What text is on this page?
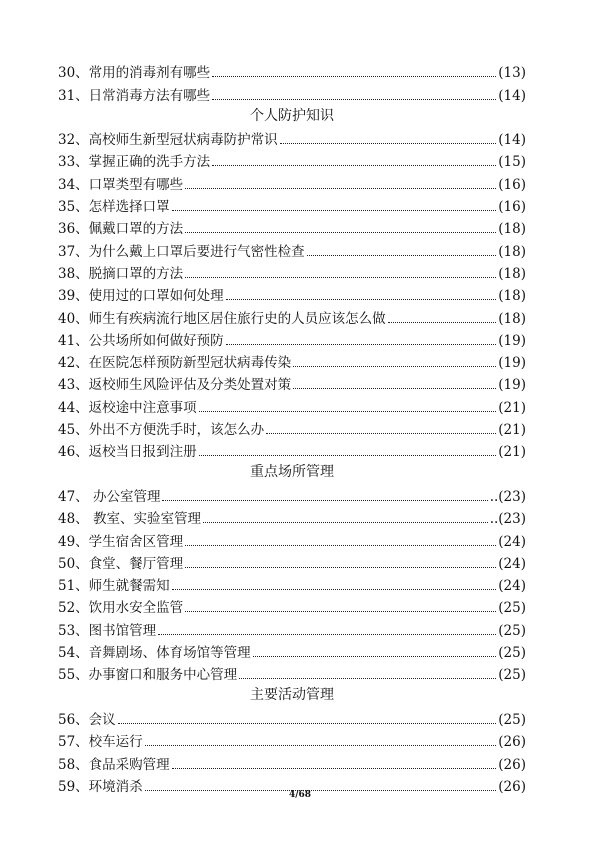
30、常用的消毒剂有哪些	(13)
31、日常消毒方法有哪些	(14)
个人防护知识
32、高校师生新型冠状病毒防护常识	(14)
33、掌握正确的洗手方法	(15)
34、口罩类型有哪些	(16)
35、怎样选择口罩	(16)
36、佩戴口罩的方法	(18)
37、为什么戴上口罩后要进行气密性检查	(18)
38、脱摘口罩的方法	(18)
39、使用过的口罩如何处理	(18)
40、师生有疾病流行地区居住旅行史的人员应该怎么做	(18)
41、公共场所如何做好预防	(19)
42、在医院怎样预防新型冠状病毒传染	(19)
43、返校师生风险评估及分类处置对策	(19)
44、返校途中注意事项	(21)
45、外出不方便洗手时，该怎么办	(21)
46、返校当日报到注册	(21)
重点场所管理
47、 办公室管理	..(23)
48、 教室、实验室管理	..(23)
49、学生宿舍区管理	(24)
50、食堂、餐厅管理	(24)
51、师生就餐需知	(24)
52、饮用水安全监管	(25)
53、图书馆管理	(25)
54、音舞剧场、体育场馆等管理	(25)
55、办事窗口和服务中心管理	(25)
主要活动管理
56、会议	(25)
57、校车运行	(26)
58、食品采购管理	(26)
59、环境消杀	(26)
4/68
